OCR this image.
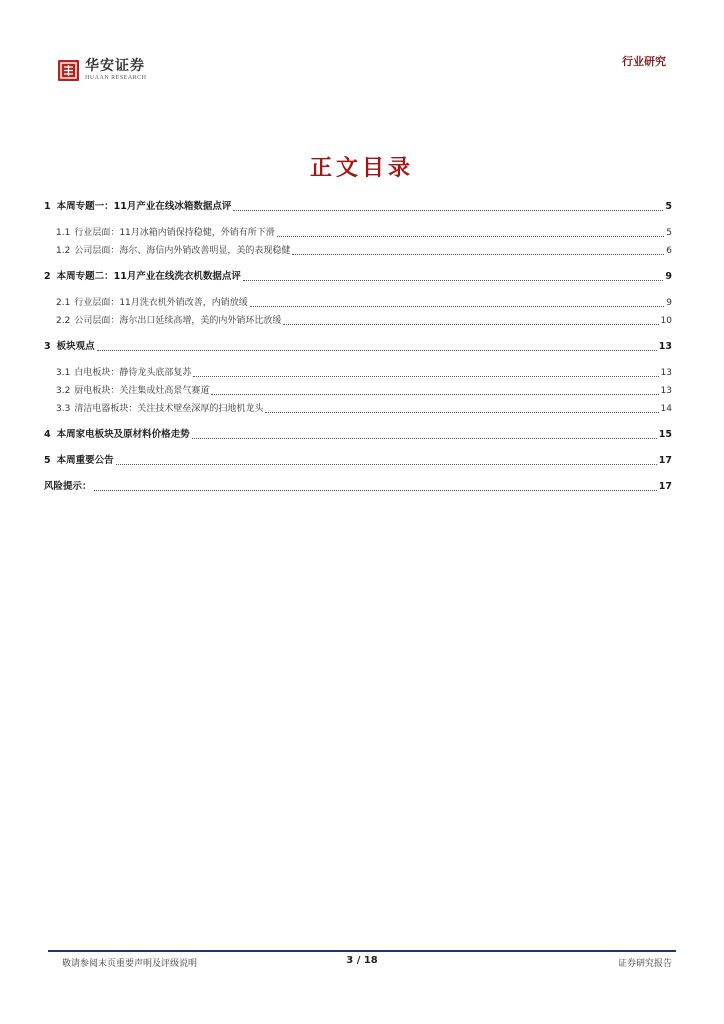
华安证券
HUAAN RESEARCH
行业研究
正文目录
1 本周专题一：11月产业在线冰箱数据点评	5
1.1 行业层面：11月冰箱内销保持稳健，外销有所下滑	5
1.2 公司层面：海尔、海信内外销改善明显，美的表现稳健	6
2 本周专题二：11月产业在线洗衣机数据点评	9
2.1 行业层面：11月洗衣机外销改善，内销放缓	9
2.2 公司层面：海尔出口延续高增，美的内外销环比放缓	10
3 板块观点	13
3.1 白电板块：静待龙头底部复苏	13
3.2 厨电板块：关注集成灶高景气赛道	13
3.3 清洁电器板块：关注技术壁垒深厚的扫地机龙头	14
4 本周家电板块及原材料价格走势	15
5 本周重要公告	17
风险提示：	17
敬请参阅末页重要声明及评级说明	3 / 18	证券研究报告
